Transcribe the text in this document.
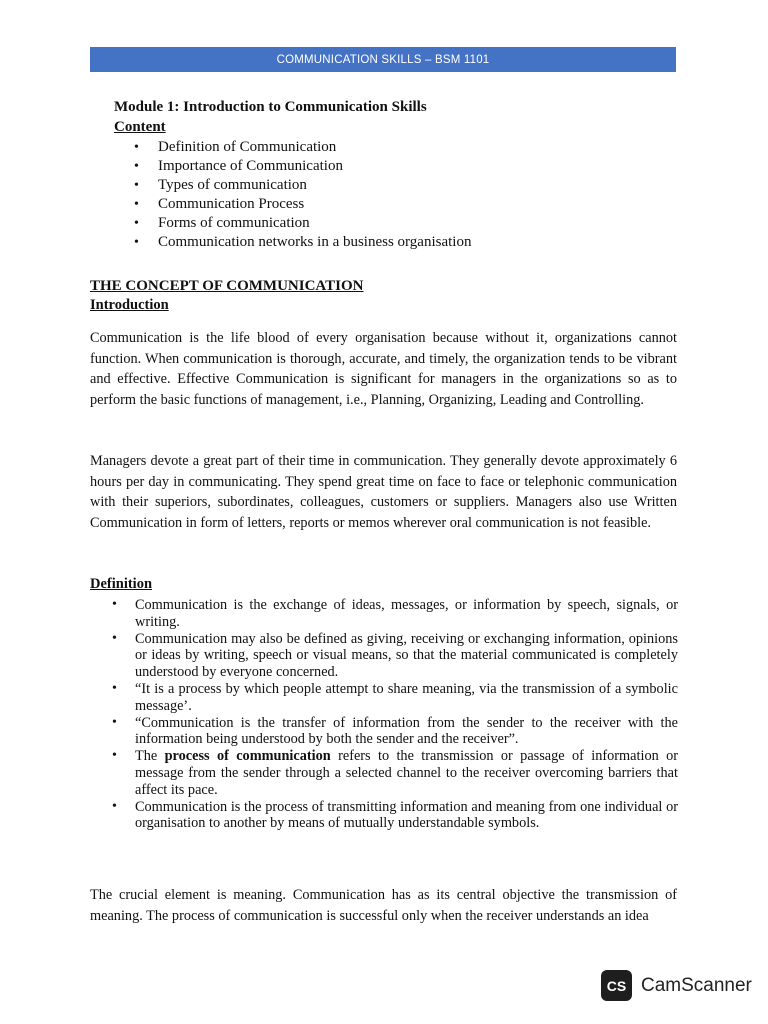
COMMUNICATION SKILLS – BSM 1101
Module 1: Introduction to Communication Skills
Content
• Definition of Communication
• Importance of Communication
• Types of communication
• Communication Process
• Forms of communication
• Communication networks in a business organisation
THE CONCEPT OF COMMUNICATION
Introduction

Communication is the life blood of every organisation because without it, organizations cannot function. When communication is thorough, accurate, and timely, the organization tends to be vibrant and effective. Effective Communication is significant for managers in the organizations so as to perform the basic functions of management, i.e., Planning, Organizing, Leading and Controlling.

Managers devote a great part of their time in communication. They generally devote approximately 6 hours per day in communicating. They spend great time on face to face or telephonic communication with their superiors, subordinates, colleagues, customers or suppliers. Managers also use Written Communication in form of letters, reports or memos wherever oral communication is not feasible.

Definition
• Communication is the exchange of ideas, messages, or information by speech, signals, or writing.
• Communication may also be defined as giving, receiving or exchanging information, opinions or ideas by writing, speech or visual means, so that the material communicated is completely understood by everyone concerned.
• “It is a process by which people attempt to share meaning, via the transmission of a symbolic message’.
• “Communication is the transfer of information from the sender to the receiver with the information being understood by both the sender and the receiver”.
• The process of communication refers to the transmission or passage of information or message from the sender through a selected channel to the receiver overcoming barriers that affect its pace.
• Communication is the process of transmitting information and meaning from one individual or organisation to another by means of mutually understandable symbols.

The crucial element is meaning. Communication has as its central objective the transmission of meaning. The process of communication is successful only when the receiver understands an idea

CS CamScanner
